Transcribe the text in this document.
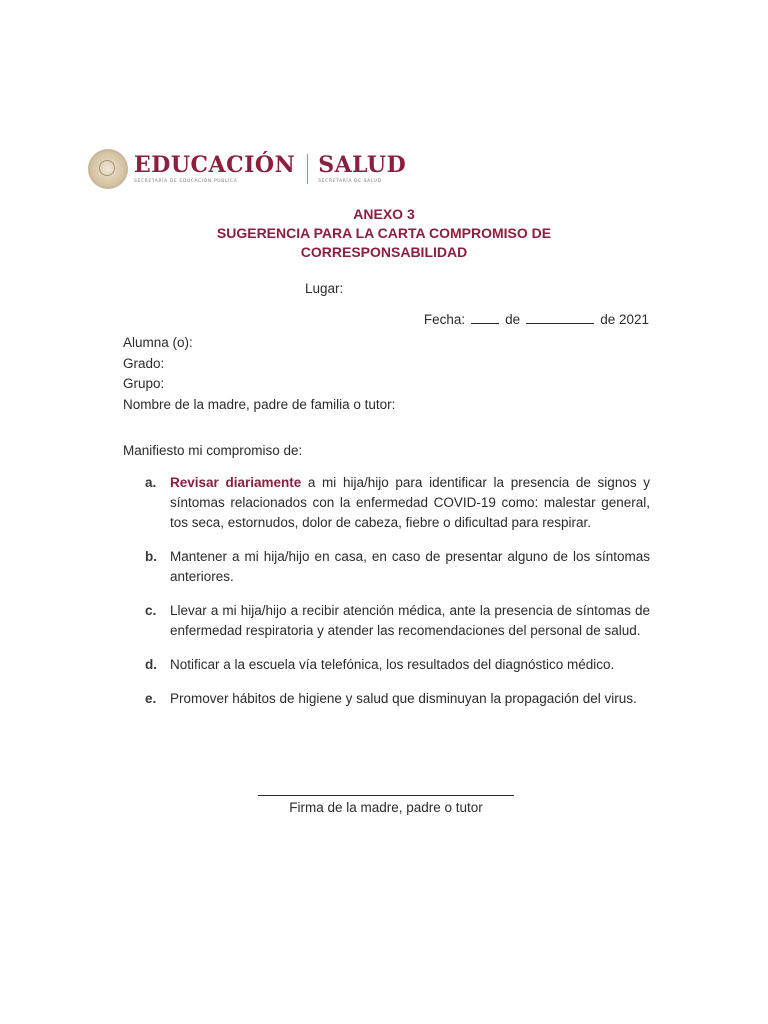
EDUCACIÓN
SECRETARÍA DE EDUCACIÓN PÚBLICA
SALUD
SECRETARÍA DE SALUD
ANEXO 3
SUGERENCIA PARA LA CARTA COMPROMISO DE
CORRESPONSABILIDAD
Lugar:
Fecha:	de	de 2021
Alumna (o):
Grado:
Grupo:
Nombre de la madre, padre de familia o tutor:
Manifiesto mi compromiso de:
a.	Revisar diariamente a mi hija/hijo para identificar la presencia de signos y síntomas relacionados con la enfermedad COVID-19 como: malestar general, tos seca, estornudos, dolor de cabeza, fiebre o dificultad para respirar.
b. Mantener a mi hija/hijo en casa, en caso de presentar alguno de los síntomas anteriores.
c.	Llevar a mi hija/hijo a recibir atención médica, ante la presencia de síntomas de enfermedad respiratoria y atender las recomendaciones del personal de salud.
d. Notificar a la escuela vía telefónica, los resultados del diagnóstico médico.
e.	Promover hábitos de higiene y salud que disminuyan la propagación del virus.
Firma de la madre, padre o tutor
